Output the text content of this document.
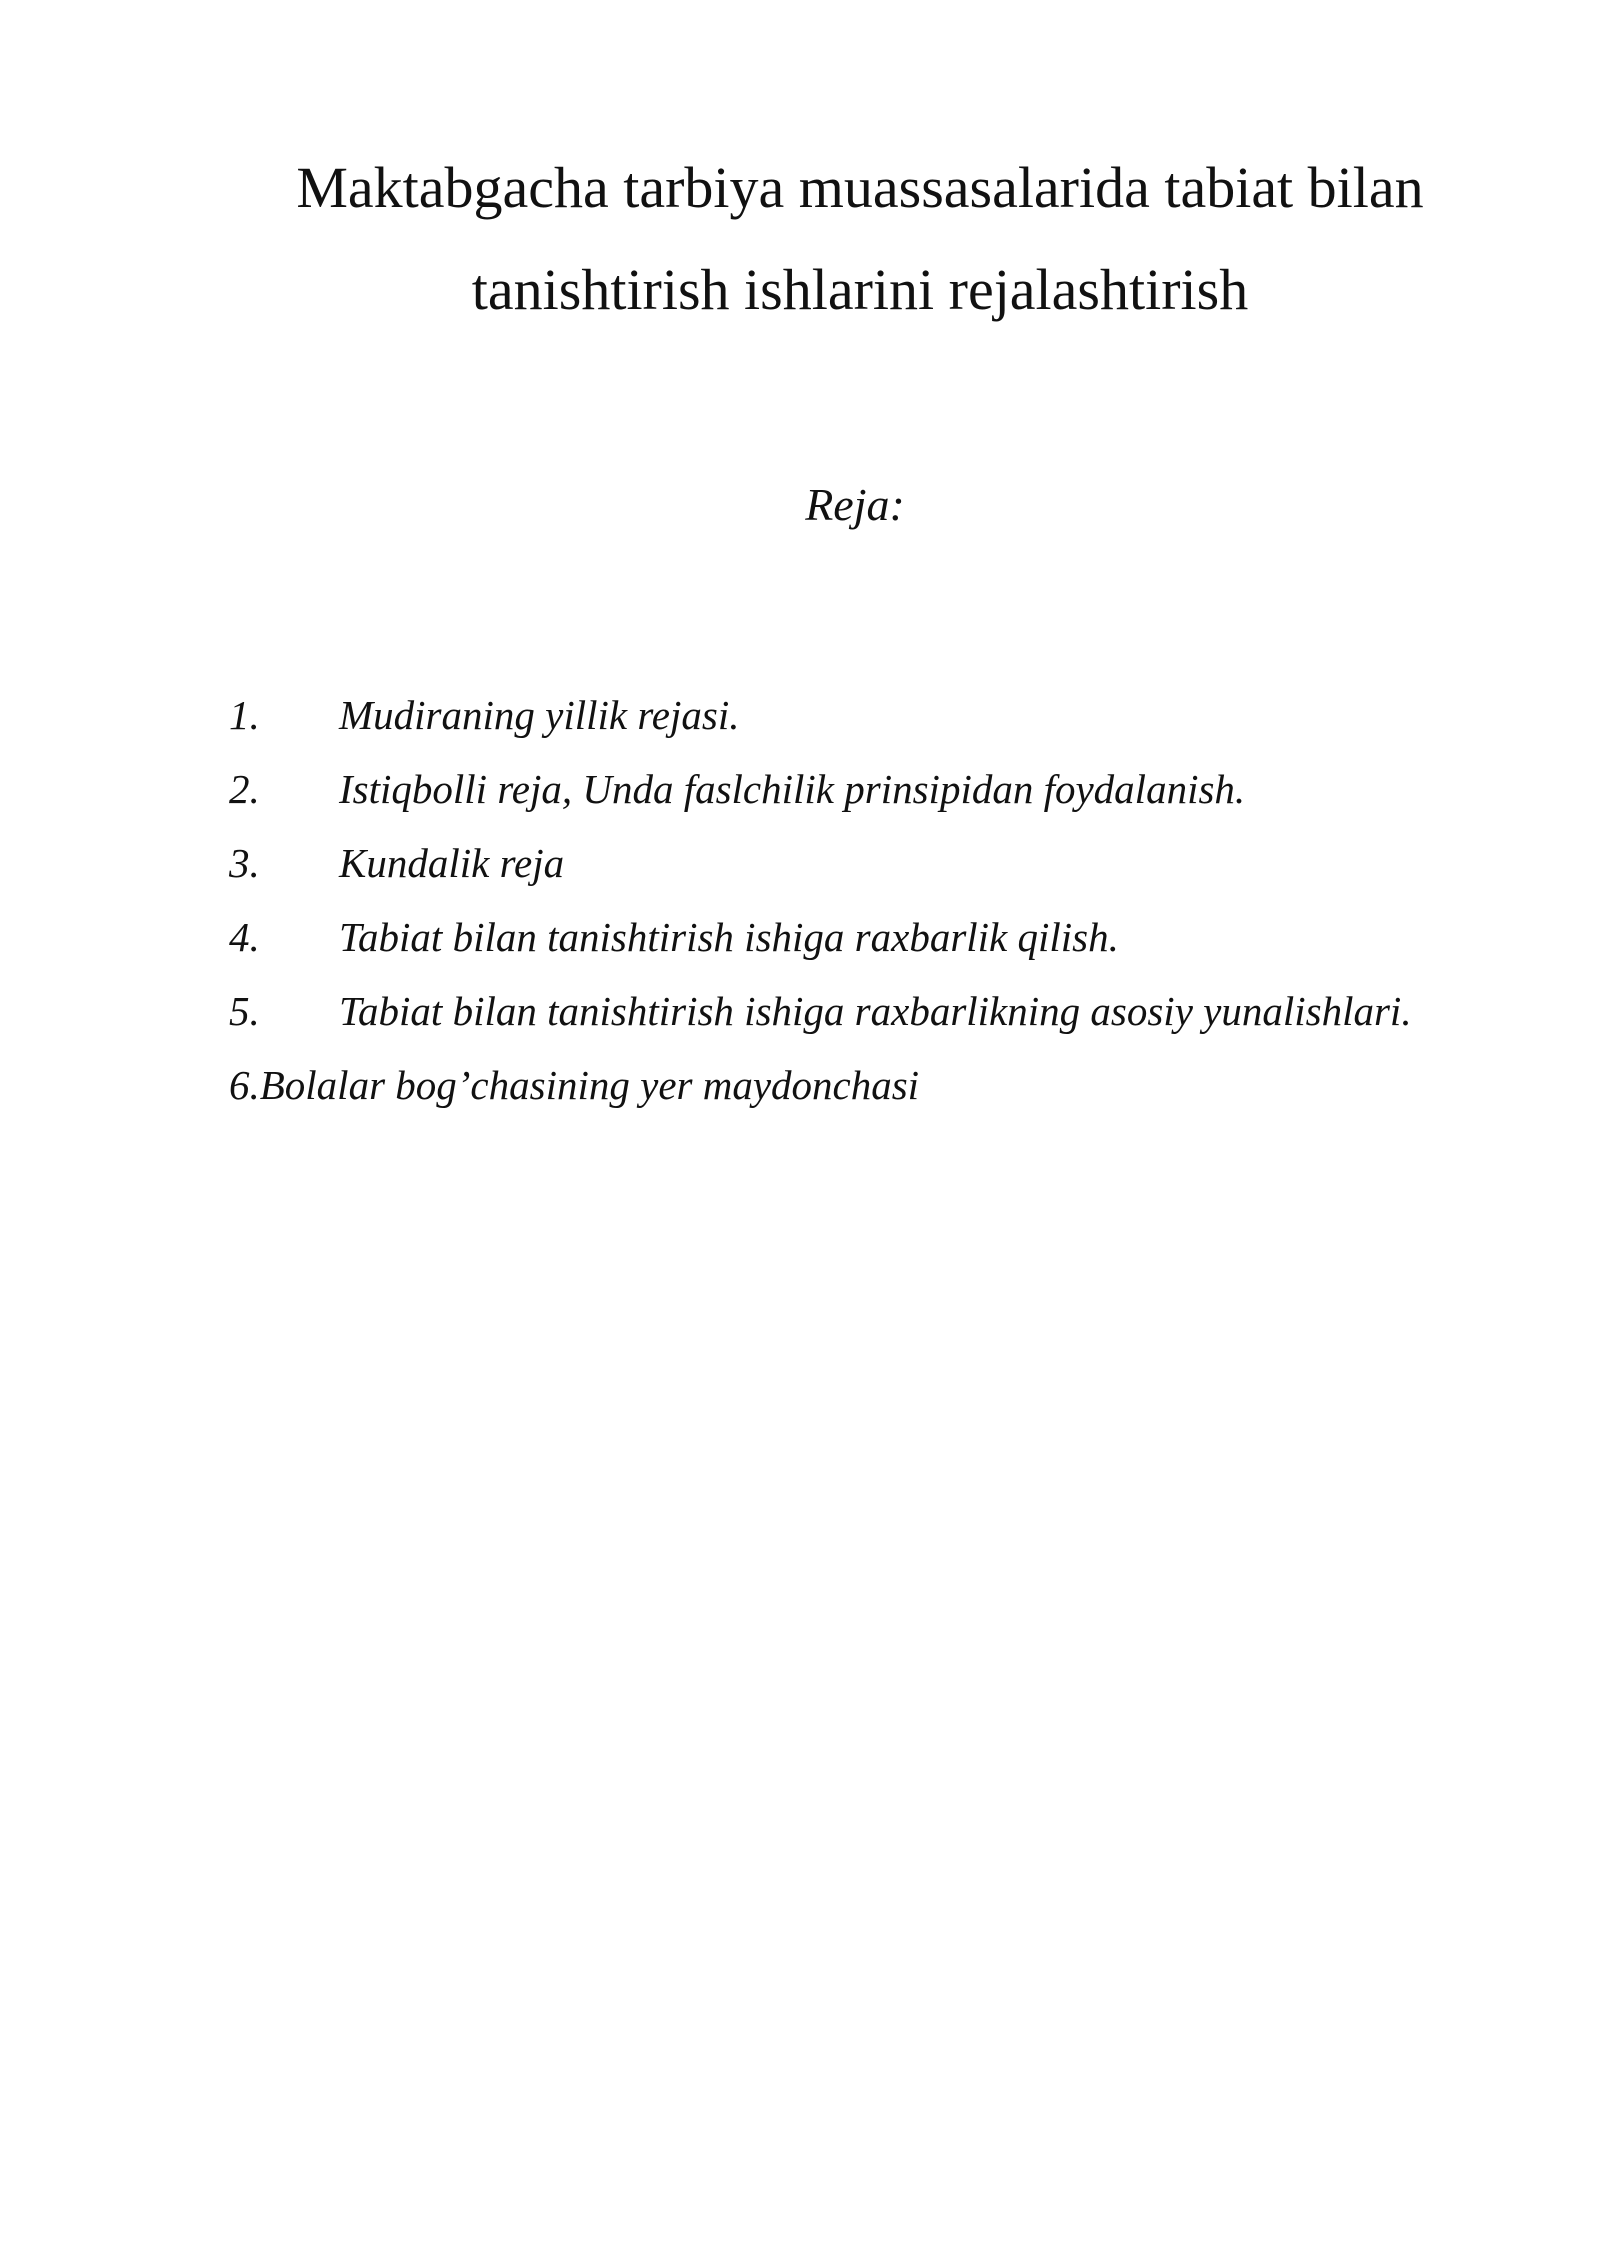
Maktabgacha tarbiya muassasalarida tabiat bilan tanishtirish ishlarini rejalashtirish

Reja:

1. Mudiraning yillik rejasi.
2. Istiqbolli reja, Unda faslchilik prinsipidan foydalanish.
3. Kundalik reja
4. Tabiat bilan tanishtirish ishiga raxbarlik qilish.
5. Tabiat bilan tanishtirish ishiga raxbarlikning asosiy yunalishlari.
6.Bolalar bog’chasining yer maydonchasi
